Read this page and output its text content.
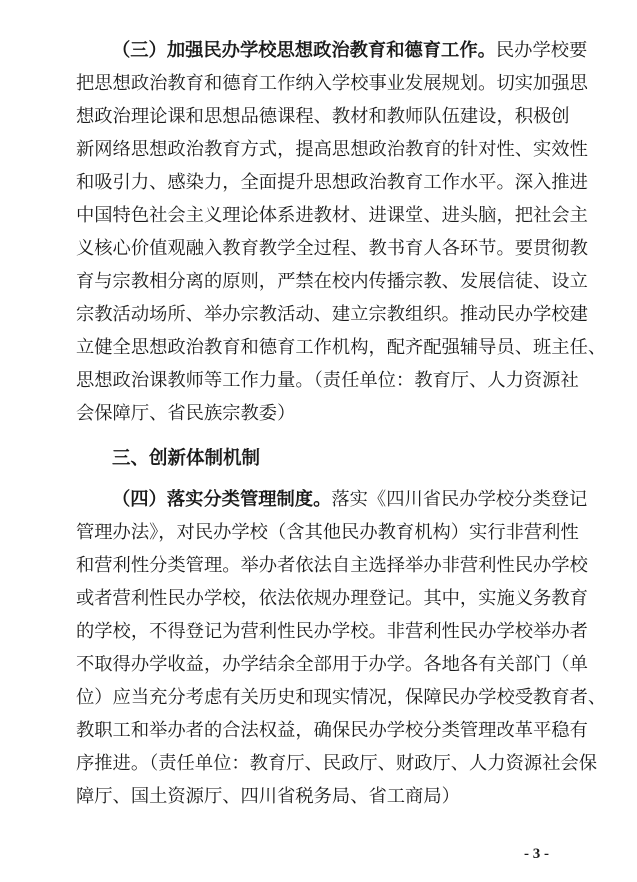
（三）加强民办学校思想政治教育和德育工作。民办学校要
把思想政治教育和德育工作纳入学校事业发展规划。切实加强思
想政治理论课和思想品德课程、教材和教师队伍建设，积极创
新网络思想政治教育方式，提高思想政治教育的针对性、实效性
和吸引力、感染力，全面提升思想政治教育工作水平。深入推进
中国特色社会主义理论体系进教材、进课堂、进头脑，把社会主
义核心价值观融入教育教学全过程、教书育人各环节。要贯彻教
育与宗教相分离的原则，严禁在校内传播宗教、发展信徒、设立
宗教活动场所、举办宗教活动、建立宗教组织。推动民办学校建
立健全思想政治教育和德育工作机构，配齐配强辅导员、班主任、
思想政治课教师等工作力量。（责任单位：教育厅、人力资源社
会保障厅、省民族宗教委）
三、创新体制机制
（四）落实分类管理制度。落实《四川省民办学校分类登记
管理办法》，对民办学校（含其他民办教育机构）实行非营利性
和营利性分类管理。举办者依法自主选择举办非营利性民办学校
或者营利性民办学校，依法依规办理登记。其中，实施义务教育
的学校，不得登记为营利性民办学校。非营利性民办学校举办者
不取得办学收益，办学结余全部用于办学。各地各有关部门（单
位）应当充分考虑有关历史和现实情况，保障民办学校受教育者、
教职工和举办者的合法权益，确保民办学校分类管理改革平稳有
序推进。（责任单位：教育厅、民政厅、财政厅、人力资源社会保
障厅、国土资源厅、四川省税务局、省工商局）
- 3 -
